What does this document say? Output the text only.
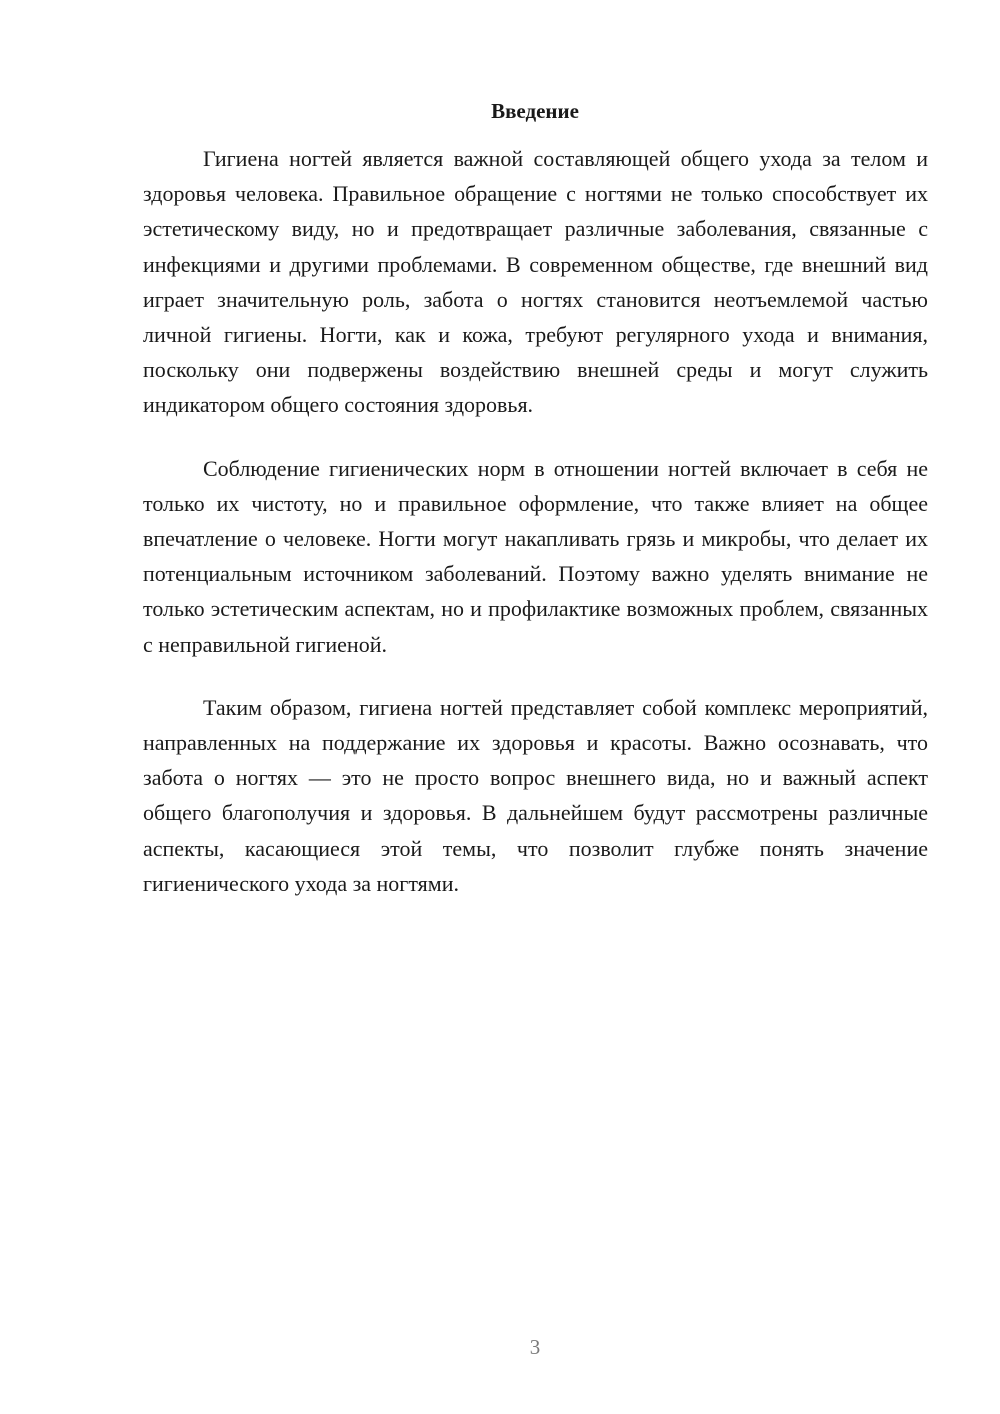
Введение

Гигиена ногтей является важной составляющей общего ухода за телом и здоровья человека. Правильное обращение с ногтями не только способствует их эстетическому виду, но и предотвращает различные заболевания, связанные с инфекциями и другими проблемами. В современном обществе, где внешний вид играет значительную роль, забота о ногтях становится неотъемлемой частью личной гигиены. Ногти, как и кожа, требуют регулярного ухода и внимания, поскольку они подвержены воздействию внешней среды и могут служить индикатором общего состояния здоровья.

Соблюдение гигиенических норм в отношении ногтей включает в себя не только их чистоту, но и правильное оформление, что также влияет на общее впечатление о человеке. Ногти могут накапливать грязь и микробы, что делает их потенциальным источником заболеваний. Поэтому важно уделять внимание не только эстетическим аспектам, но и профилактике возможных проблем, связанных с неправильной гигиеной.

Таким образом, гигиена ногтей представляет собой комплекс мероприятий, направленных на поддержание их здоровья и красоты. Важно осознавать, что забота о ногтях — это не просто вопрос внешнего вида, но и важный аспект общего благополучия и здоровья. В дальнейшем будут рассмотрены различные аспекты, касающиеся этой темы, что позволит глубже понять значение гигиенического ухода за ногтями.

3
